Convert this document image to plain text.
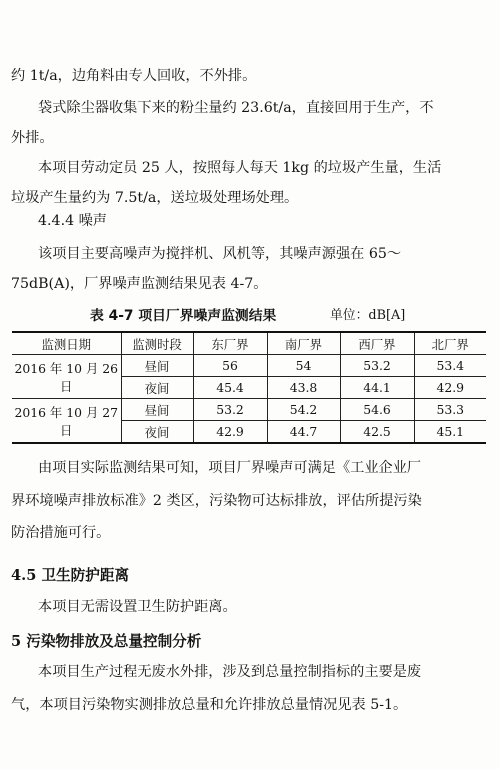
约 1t/a，边角料由专人回收，不外排。
袋式除尘器收集下来的粉尘量约 23.6t/a，直接回用于生产，不
外排。
本项目劳动定员 25 人，按照每人每天 1kg 的垃圾产生量，生活
垃圾产生量约为 7.5t/a，送垃圾处理场处理。
4.4.4 噪声
该项目主要高噪声为搅拌机、风机等，其噪声源强在 65～
75dB(A)，厂界噪声监测结果见表 4-7。
表 4-7 项目厂界噪声监测结果	单位：dB[A]
监测日期	监测时段	东厂界	南厂界	西厂界	北厂界
2016 年 10 月 26 日	昼间	56	54	53.2	53.4
	夜间	45.4	43.8	44.1	42.9
2016 年 10 月 27 日	昼间	53.2	54.2	54.6	53.3
	夜间	42.9	44.7	42.5	45.1
由项目实际监测结果可知，项目厂界噪声可满足《工业企业厂
界环境噪声排放标准》2 类区，污染物可达标排放，评估所提污染
防治措施可行。
4.5 卫生防护距离
本项目无需设置卫生防护距离。
5 污染物排放及总量控制分析
本项目生产过程无废水外排，涉及到总量控制指标的主要是废
气，本项目污染物实测排放总量和允许排放总量情况见表 5-1。
